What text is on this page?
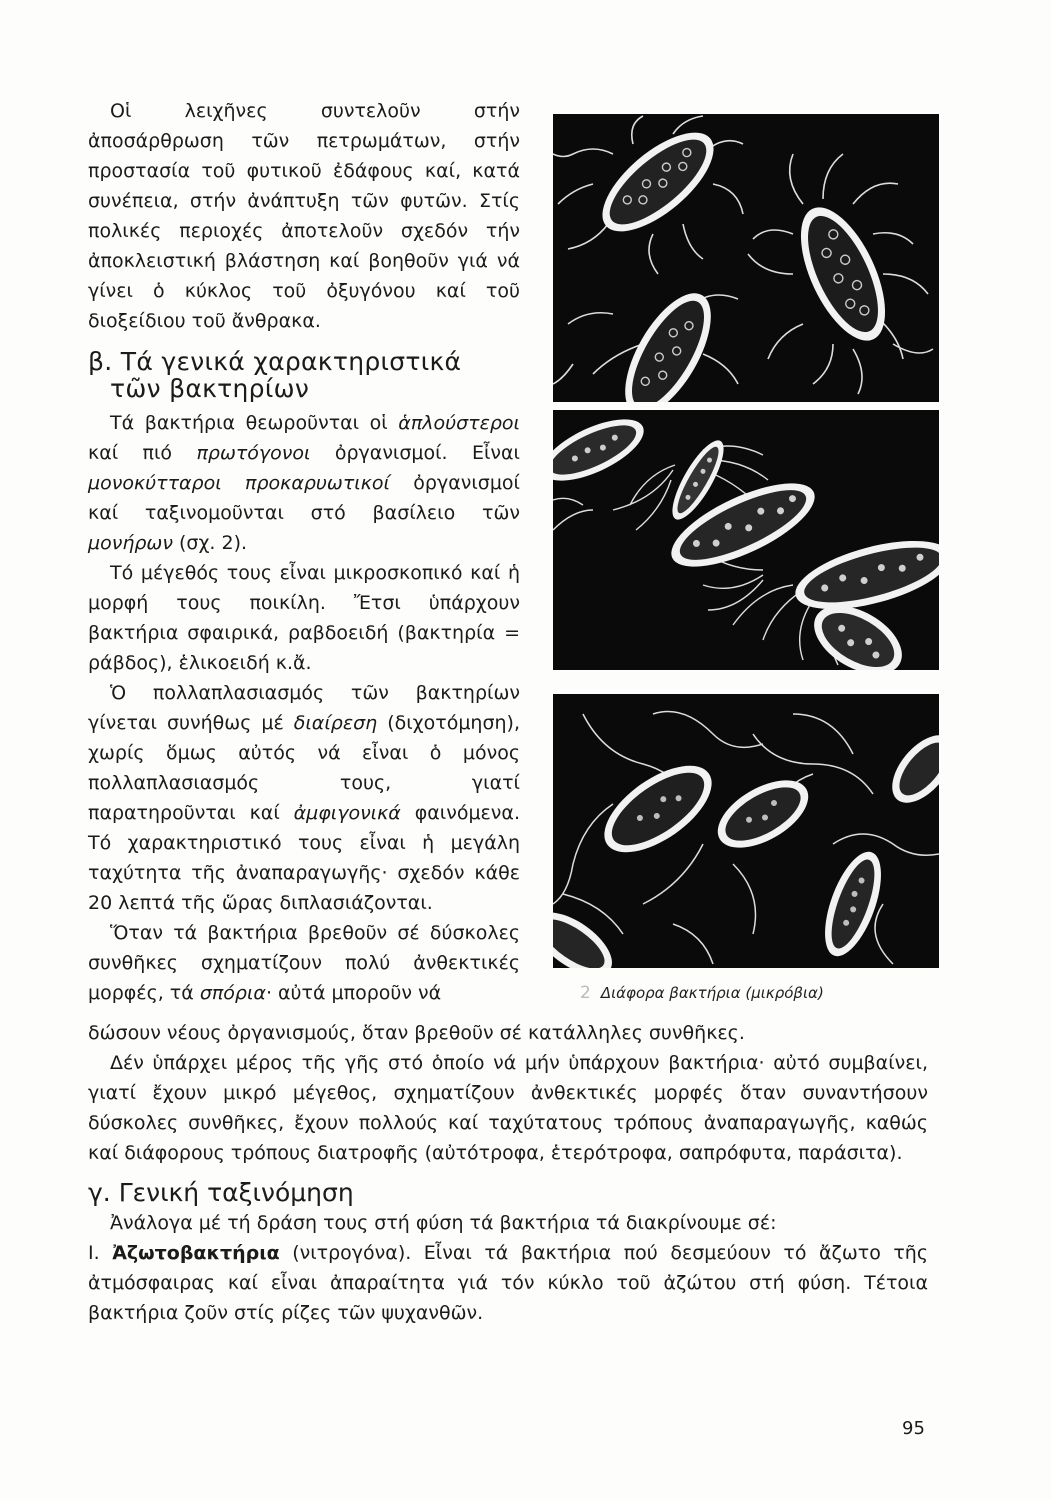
Οἱ λειχῆνες συντελοῦν στήν ἀποσάρθρωση τῶν πετρωμάτων, στήν προστασία τοῦ φυτικοῦ ἐδάφους καί, κατά συνέπεια, στήν ἀνάπτυξη τῶν φυτῶν. Στίς πολικές περιοχές ἀποτελοῦν σχεδόν τήν ἀποκλειστική βλάστηση καί βοηθοῦν γιά νά γίνει ὁ κύκλος τοῦ ὀξυγόνου καί τοῦ διοξείδιου τοῦ ἄνθρακα.

β. Τά γενικά χαρακτηριστικά
τῶν βακτηρίων

Τά βακτήρια θεωροῦνται οἱ ἁπλούστεροι καί πιό πρωτόγονοι ὀργανισμοί. Εἶναι μονοκύτταροι προκαρυωτικοί ὀργανισμοί καί ταξινομοῦνται στό βασίλειο τῶν μονήρων (σχ. 2).

Τό μέγεθός τους εἶναι μικροσκοπικό καί ἡ μορφή τους ποικίλη. Ἔτσι ὑπάρχουν βακτήρια σφαιρικά, ραβδοειδή (βακτηρία = ράβδος), ἑλικοειδή κ.ἄ.

Ὁ πολλαπλασιασμός τῶν βακτηρίων γίνεται συνήθως μέ διαίρεση (διχοτόμηση), χωρίς ὅμως αὐτός νά εἶναι ὁ μόνος πολλαπλασιασμός τους, γιατί παρατηροῦνται καί ἀμφιγονικά φαινόμενα. Τό χαρακτηριστικό τους εἶναι ἡ μεγάλη ταχύτητα τῆς ἀναπαραγωγῆς· σχεδόν κάθε 20 λεπτά τῆς ὥρας διπλασιάζονται.

Ὅταν τά βακτήρια βρεθοῦν σέ δύσκολες συνθῆκες σχηματίζουν πολύ ἀνθεκτικές μορφές, τά σπόρια· αὐτά μποροῦν νά

δώσουν νέους ὀργανισμούς, ὅταν βρεθοῦν σέ κατάλληλες συνθῆκες.

Δέν ὑπάρχει μέρος τῆς γῆς στό ὁποίο νά μήν ὑπάρχουν βακτήρια· αὐτό συμβαίνει, γιατί ἔχουν μικρό μέγεθος, σχηματίζουν ἀνθεκτικές μορφές ὅταν συναντήσουν δύσκολες συνθῆκες, ἔχουν πολλούς καί ταχύτατους τρόπους ἀναπαραγωγῆς, καθώς καί διάφορους τρόπους διατροφῆς (αὐτότροφα, ἑτερότροφα, σαπρόφυτα, παράσιτα).

γ. Γενική ταξινόμηση

Ἀνάλογα μέ τή δράση τους στή φύση τά βακτήρια τά διακρίνουμε σέ:

I. Ἀζωτοβακτήρια (νιτρογόνα). Εἶναι τά βακτήρια πού δεσμεύουν τό ἄζωτο τῆς ἀτμόσφαιρας καί εἶναι ἀπαραίτητα γιά τόν κύκλο τοῦ ἀζώτου στή φύση. Τέτοια βακτήρια ζοῦν στίς ρίζες τῶν ψυχανθῶν.

2 Διάφορα βακτήρια (μικρόβια)
95
